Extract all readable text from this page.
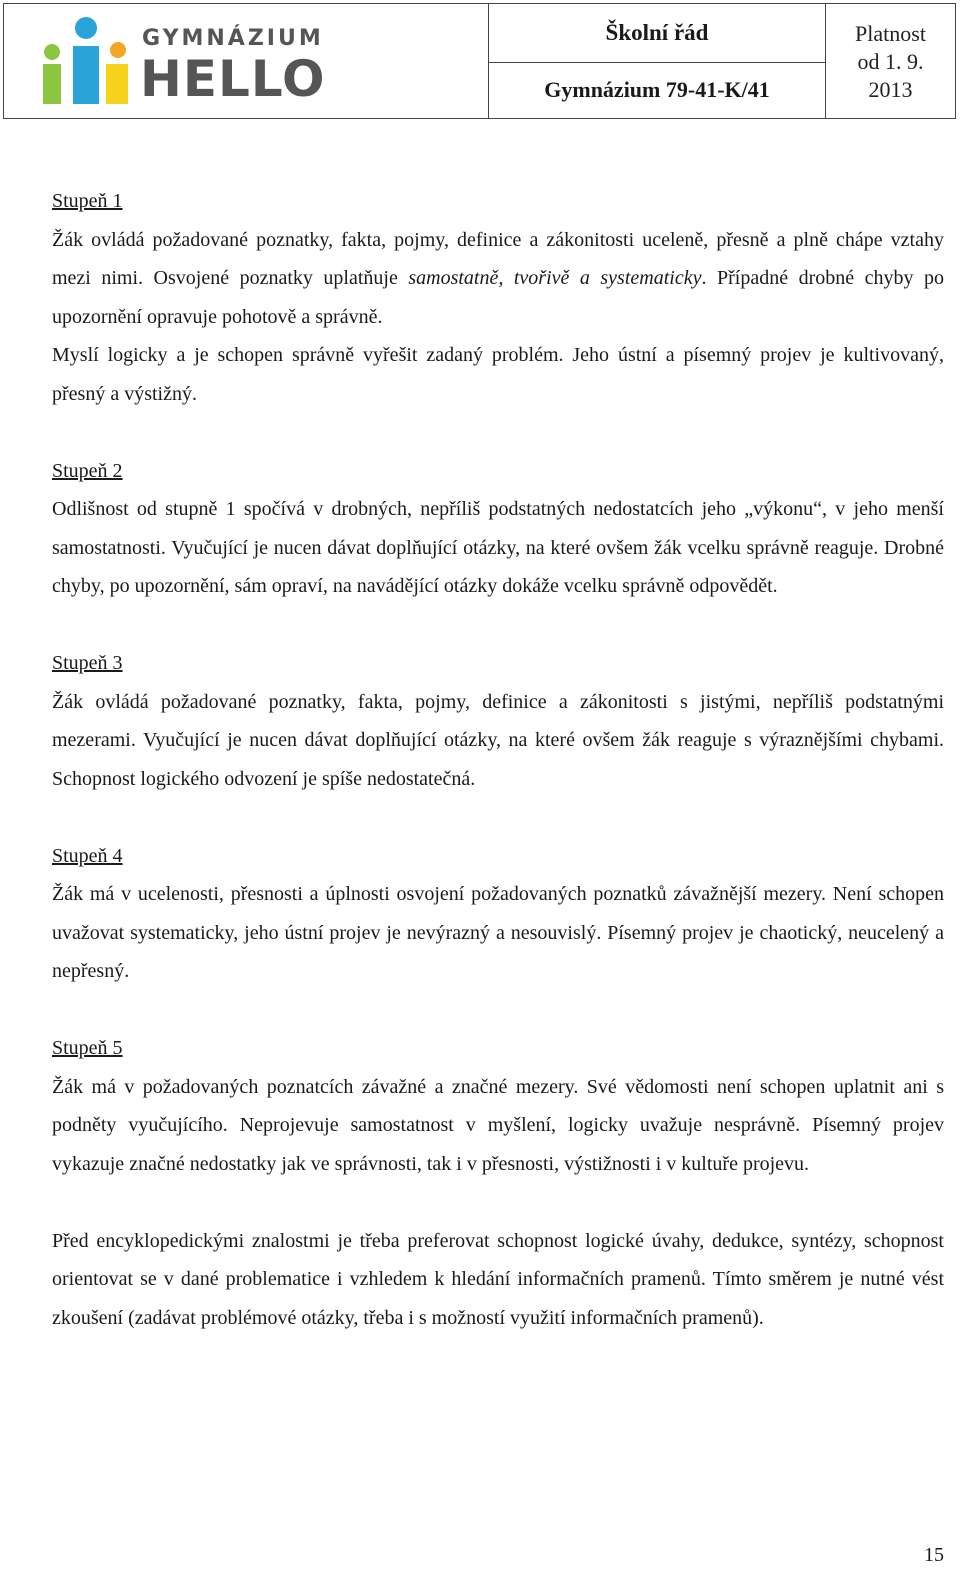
GYMNÁZIUM
HELLO
Školní řád
Gymnázium 79-41-K/41
Platnost
od 1. 9.
2013
Stupeň 1

Žák ovládá požadované poznatky, fakta, pojmy, definice a zákonitosti uceleně, přesně a plně chápe vztahy mezi nimi. Osvojené poznatky uplatňuje samostatně, tvořivě a systematicky. Případné drobné chyby po upozornění opravuje pohotově a správně.

Myslí logicky a je schopen správně vyřešit zadaný problém. Jeho ústní a písemný projev je kultivovaný, přesný a výstižný.

Stupeň 2

Odlišnost od stupně 1 spočívá v drobných, nepříliš podstatných nedostatcích jeho „výkonu“, v jeho menší samostatnosti. Vyučující je nucen dávat doplňující otázky, na které ovšem žák vcelku správně reaguje. Drobné chyby, po upozornění, sám opraví, na navádějící otázky dokáže vcelku správně odpovědět.

Stupeň 3

Žák ovládá požadované poznatky, fakta, pojmy, definice a zákonitosti s jistými, nepříliš podstatnými mezerami. Vyučující je nucen dávat doplňující otázky, na které ovšem žák reaguje s výraznějšími chybami. Schopnost logického odvození je spíše nedostatečná.

Stupeň 4

Žák má v ucelenosti, přesnosti a úplnosti osvojení požadovaných poznatků závažnější mezery. Není schopen uvažovat systematicky, jeho ústní projev je nevýrazný a nesouvislý. Písemný projev je chaotický, neucelený a nepřesný.

Stupeň 5

Žák má v požadovaných poznatcích závažné a značné mezery. Své vědomosti není schopen uplatnit ani s podněty vyučujícího. Neprojevuje samostatnost v myšlení, logicky uvažuje nesprávně. Písemný projev vykazuje značné nedostatky jak ve správnosti, tak i v přesnosti, výstižnosti i v kultuře projevu.

Před encyklopedickými znalostmi je třeba preferovat schopnost logické úvahy, dedukce, syntézy, schopnost orientovat se v dané problematice i vzhledem k hledání informačních pramenů. Tímto směrem je nutné vést zkoušení (zadávat problémové otázky, třeba i s možností využití informačních pramenů).

15
